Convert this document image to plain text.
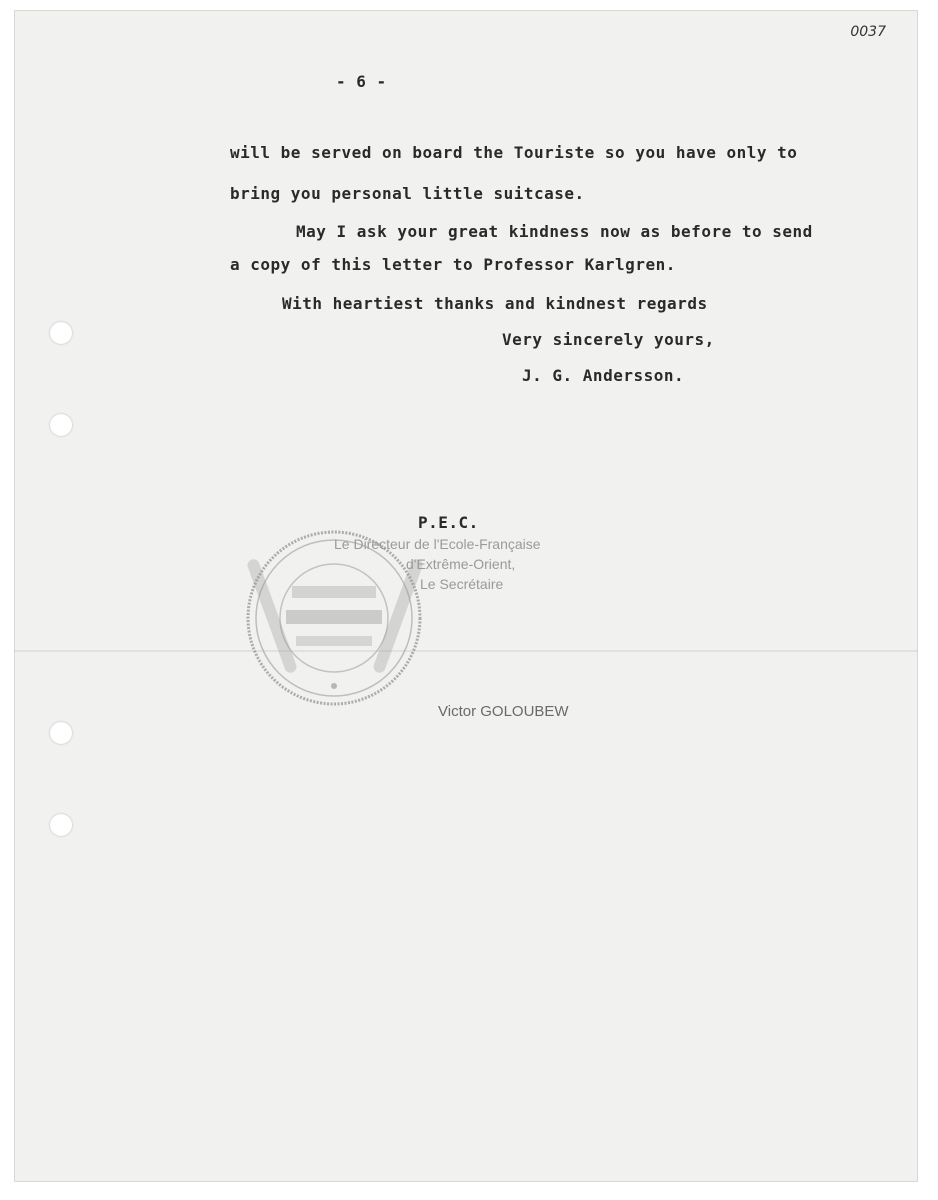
0037
- 6 -
will be served on board the Touriste so you have only to
bring you personal little suitcase.
May I ask your great kindness now as before to send
a copy of this letter to Professor Karlgren.
With heartiest thanks and kindnest regards
Very sincerely yours,
J. G. Andersson.
P.E.C.
Le Directeur de l'Ecole-Française
d'Extrême-Orient,
Le Secrétaire
Victor GOLOUBEW
